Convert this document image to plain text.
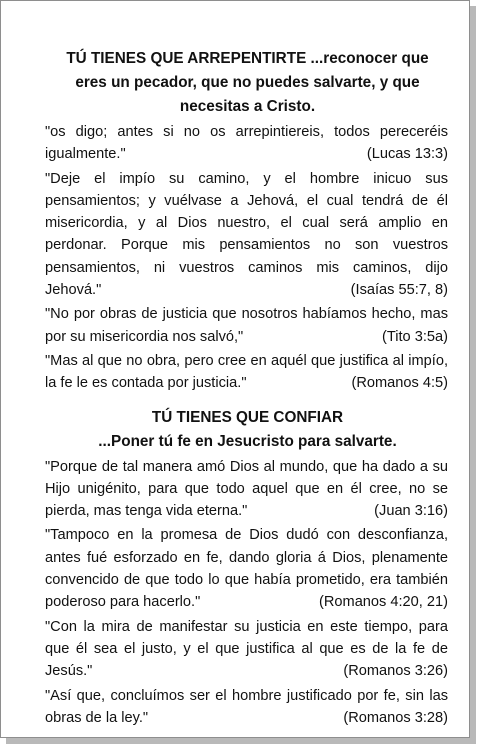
TÚ TIENES QUE ARREPENTIRTE ...reconocer que
eres un pecador, que no puedes salvarte, y que
necesitas a Cristo.

"os digo; antes si no os arrepintiereis, todos pereceréis igualmente."	(Lucas 13:3)

"Deje el impío su camino, y el hombre inicuo sus pensamientos; y vuélvase a Jehová, el cual tendrá de él misericordia, y al Dios nuestro, el cual será amplio en perdonar. Porque mis pensamientos no son vuestros pensamientos, ni vuestros caminos mis caminos, dijo Jehová."	(Isaías 55:7, 8)

"No por obras de justicia que nosotros habíamos hecho, mas por su misericordia nos salvó,"	(Tito 3:5a)

"Mas al que no obra, pero cree en aquél que justifica al impío, la fe le es contada por justicia."	(Romanos 4:5)

TÚ TIENES QUE CONFIAR
...Poner tú fe en Jesucristo para salvarte.

"Porque de tal manera amó Dios al mundo, que ha dado a su Hijo unigénito, para que todo aquel que en él cree, no se pierda, mas tenga vida eterna."	(Juan 3:16)

"Tampoco en la promesa de Dios dudó con desconfianza, antes fué esforzado en fe, dando gloria á Dios, plenamente convencido de que todo lo que había prometido, era también poderoso para hacerlo."	(Romanos 4:20, 21)

"Con la mira de manifestar su justicia en este tiempo, para que él sea el justo, y el que justifica al que es de la fe de Jesús."	(Romanos 3:26)

"Así que, concluímos ser el hombre justificado por fe, sin las obras de la ley."	(Romanos 3:28)
